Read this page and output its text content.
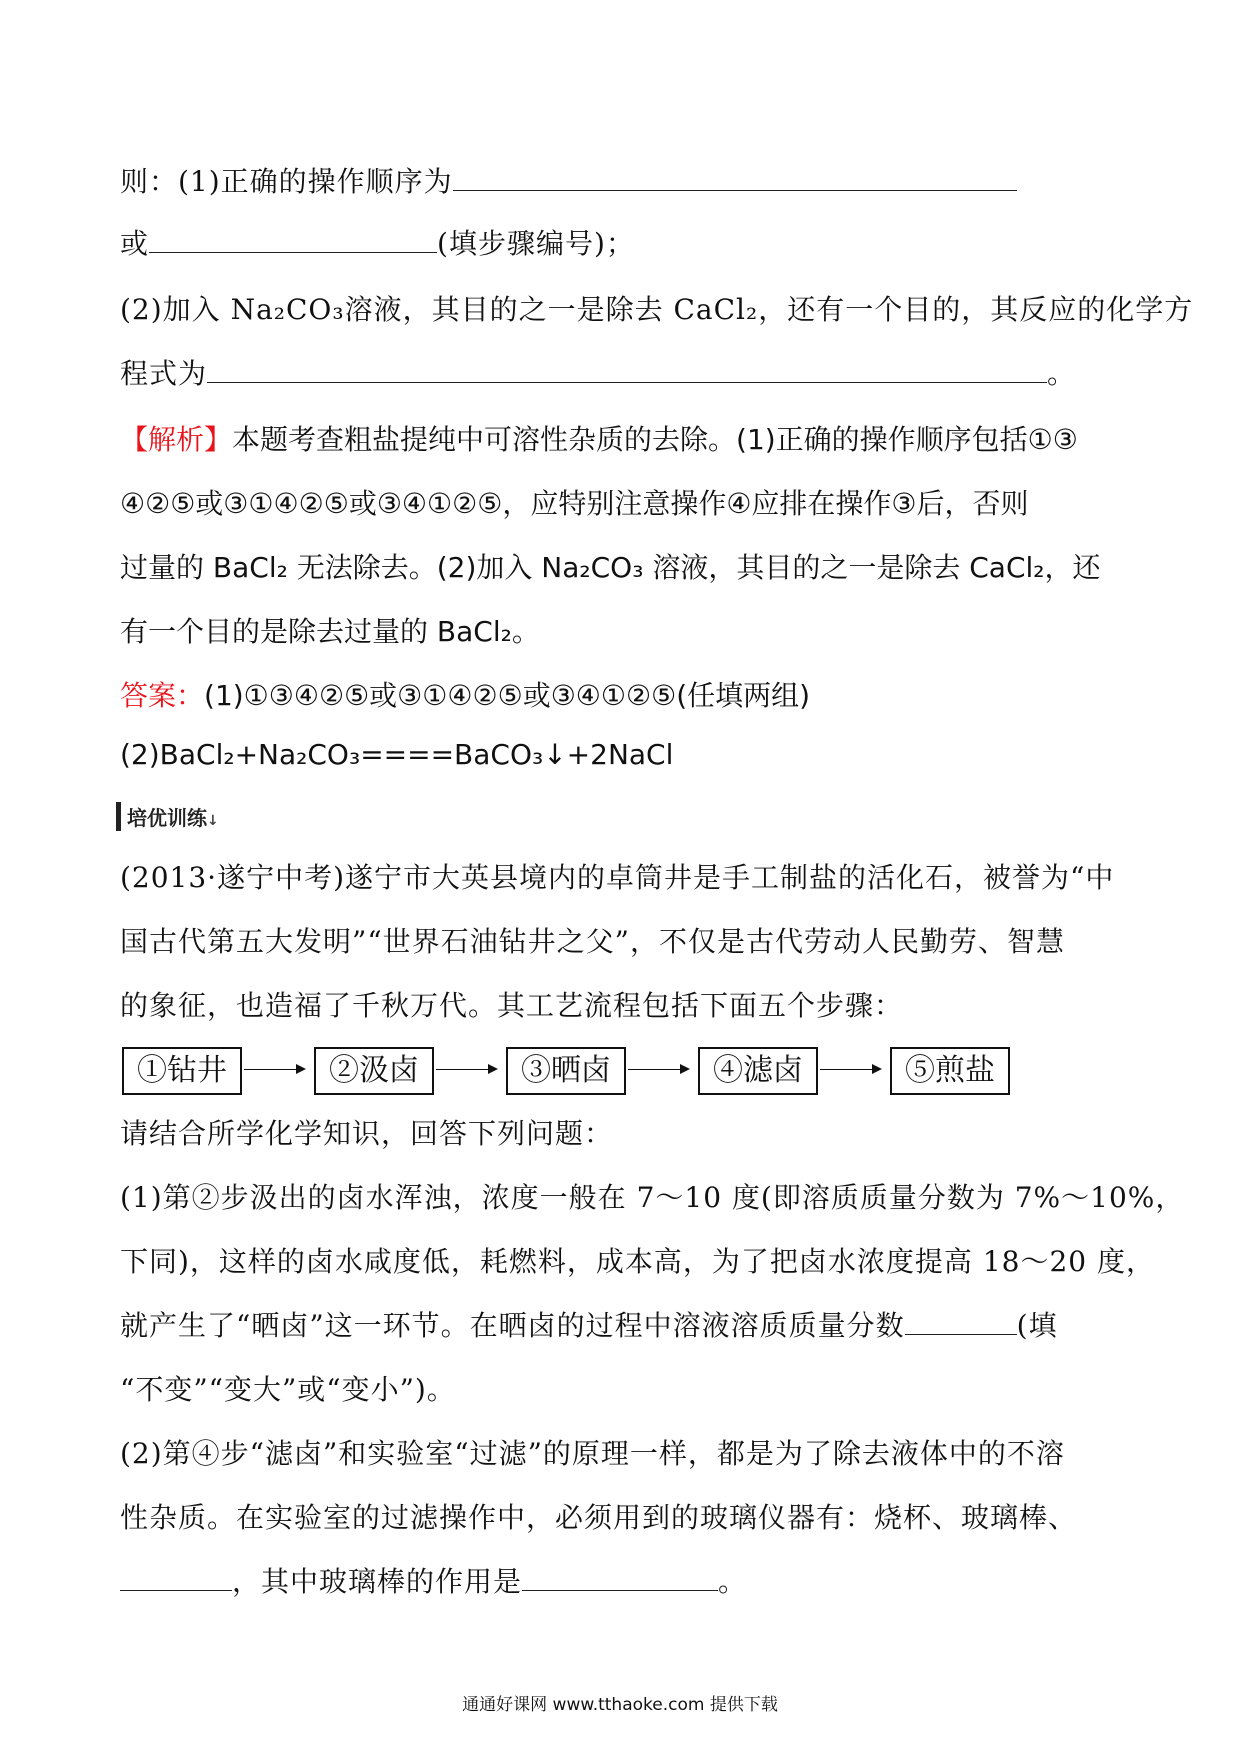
则：(1)正确的操作顺序为
或	(填步骤编号)；
(2)加入 Na₂CO₃溶液，其目的之一是除去 CaCl₂，还有一个目的，其反应的化学方
程式为	。
【解析】本题考查粗盐提纯中可溶性杂质的去除。(1)正确的操作顺序包括①③
④②⑤或③①④②⑤或③④①②⑤，应特别注意操作④应排在操作③后，否则
过量的 BaCl₂ 无法除去。(2)加入 Na₂CO₃ 溶液，其目的之一是除去 CaCl₂，还
有一个目的是除去过量的 BaCl₂。
答案：(1)①③④②⑤或③①④②⑤或③④①②⑤(任填两组)
(2)BaCl₂+Na₂CO₃====BaCO₃↓+2NaCl
培优训练↓
(2013·遂宁中考)遂宁市大英县境内的卓筒井是手工制盐的活化石，被誉为“中
国古代第五大发明”“世界石油钻井之父”，不仅是古代劳动人民勤劳、智慧
的象征，也造福了千秋万代。其工艺流程包括下面五个步骤：
①钻井	②汲卤	③晒卤	④滤卤	⑤煎盐
请结合所学化学知识，回答下列问题：
(1)第②步汲出的卤水浑浊，浓度一般在 7～10 度(即溶质质量分数为 7%～10%，
下同)，这样的卤水咸度低，耗燃料，成本高，为了把卤水浓度提高 18～20 度，
就产生了“晒卤”这一环节。在晒卤的过程中溶液溶质质量分数	(填
“不变”“变大”或“变小”)。
(2)第④步“滤卤”和实验室“过滤”的原理一样，都是为了除去液体中的不溶
性杂质。在实验室的过滤操作中，必须用到的玻璃仪器有：烧杯、玻璃棒、
，其中玻璃棒的作用是	。
通通好课网 www.tthaoke.com 提供下载
